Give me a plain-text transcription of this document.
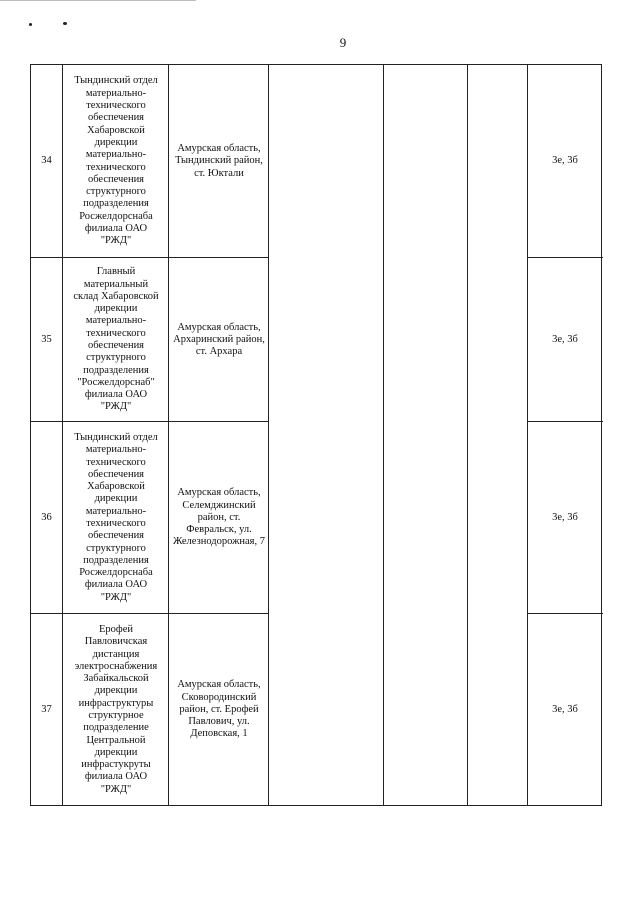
9
34
Тындинский отдел материально-технического обеспечения Хабаровской дирекции материально-технического обеспечения структурного подразделения Росжелдорснаба филиала ОАО "РЖД"
Амурская область, Тындинский район, ст. Юктали
3е, 3б
35
Главный материальный склад Хабаровской дирекции материально-технического обеспечения структурного подразделения "Росжелдорснаб" филиала ОАО "РЖД"
Амурская область, Архаринский район, ст. Архара
3е, 3б
36
Тындинский отдел материально-технического обеспечения Хабаровской дирекции материально-технического обеспечения структурного подразделения Росжелдорснаба филиала ОАО "РЖД"
Амурская область, Селемджинский район, ст. Февральск, ул. Железнодорожная, 7
3е, 3б
37
Ерофей Павловичская дистанция электроснабжения Забайкальской дирекции инфраструктуры структурное подразделение Центральной дирекции инфрастукруты филиала ОАО "РЖД"
Амурская область, Сковородинский район, ст. Ерофей Павлович, ул. Деповская, 1
3е, 3б
